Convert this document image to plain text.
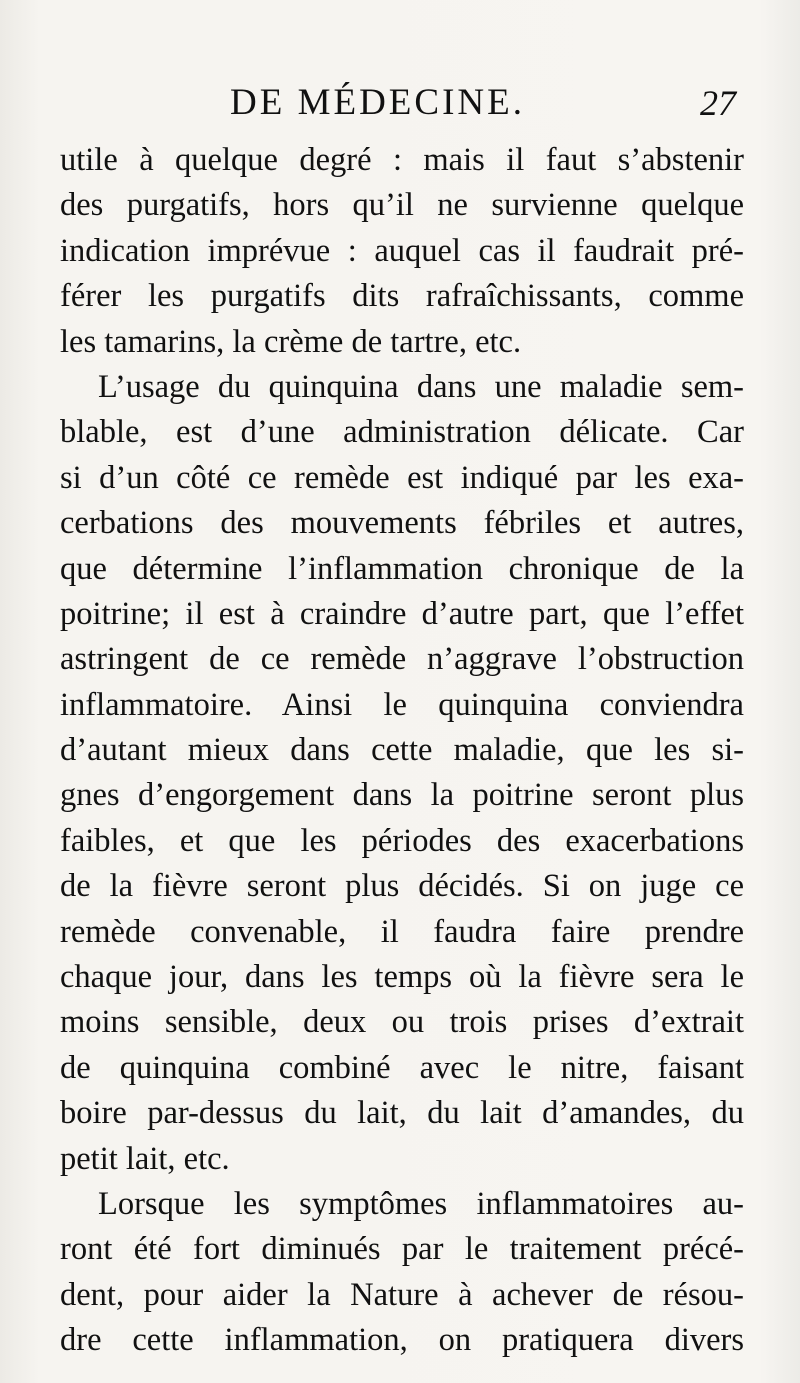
DE MÉDECINE.	27
utile à quelque degré : mais il faut s’abstenir
des purgatifs, hors qu’il ne survienne quelque
indication imprévue : auquel cas il faudrait pré-
férer les purgatifs dits rafraîchissants, comme
les tamarins, la crème de tartre, etc.
L’usage du quinquina dans une maladie sem-
blable, est d’une administration délicate. Car
si d’un côté ce remède est indiqué par les exa-
cerbations des mouvements fébriles et autres,
que détermine l’inflammation chronique de la
poitrine; il est à craindre d’autre part, que l’effet
astringent de ce remède n’aggrave l’obstruction
inflammatoire. Ainsi le quinquina conviendra
d’autant mieux dans cette maladie, que les si-
gnes d’engorgement dans la poitrine seront plus
faibles, et que les périodes des exacerbations
de la fièvre seront plus décidés. Si on juge ce
remède convenable, il faudra faire prendre
chaque jour, dans les temps où la fièvre sera le
moins sensible, deux ou trois prises d’extrait
de quinquina combiné avec le nitre, faisant
boire par-dessus du lait, du lait d’amandes, du
petit lait, etc.
Lorsque les symptômes inflammatoires au-
ront été fort diminués par le traitement précé-
dent, pour aider la Nature à achever de résou-
dre cette inflammation, on pratiquera divers
